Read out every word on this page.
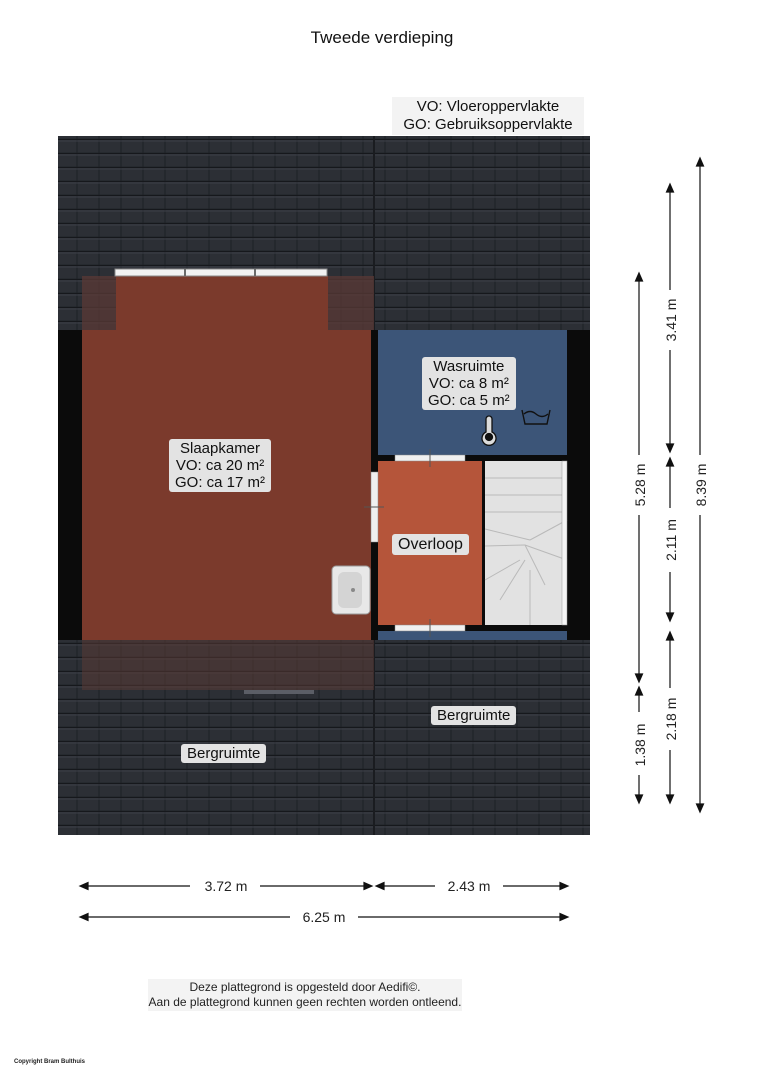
Tweede verdieping
VO: Vloeroppervlakte
GO: Gebruiksoppervlakte
3.72 m	2.43 m
6.25 m
5.28 m
1.38 m
3.41 m
2.11 m
2.18 m
8.39 m
Slaapkamer
VO: ca 20 m²
GO: ca 17 m²
Wasruimte
VO: ca 8 m²
GO: ca 5 m²
Overloop
Bergruimte
Bergruimte
Deze plattegrond is opgesteld door Aedifi©.
Aan de plattegrond kunnen geen rechten worden ontleend.
Copyright Bram Bulthuis
